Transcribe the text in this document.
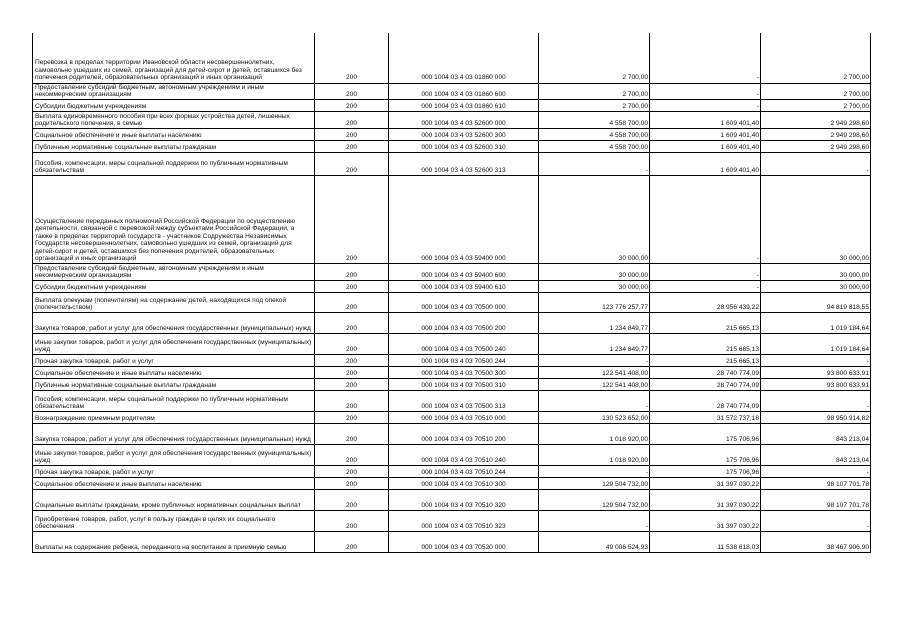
Перевозка в пределах территории Ивановской области несовершеннолетних, самовольно ушедших из семей, организаций для детей-сирот и детей, оставшихся без попечения родителей, образовательных организаций и иных организаций	200	000 1004 03 4 03 01860 000	2 700,00	-	2 700,00
Предоставление субсидий бюджетным, автономным учреждениям и иным некоммерческим организациям	200	000 1004 03 4 03 01860 600	2 700,00	-	2 700,00
Субсидии бюджетным учреждениям	200	000 1004 03 4 03 01860 610	2 700,00	-	2 700,00
Выплата единовременного пособия при всех формах устройства детей, лишенных родительского попечения, в семью	200	000 1004 03 4 03 52600 000	4 558 700,00	1 609 401,40	2 949 298,60
Социальное обеспечение и иные выплаты населению	200	000 1004 03 4 03 52600 300	4 558 700,00	1 609 401,40	2 949 298,60
Публичные нормативные социальные выплаты гражданам	200	000 1004 03 4 03 52600 310	4 558 700,00	1 609 401,40	2 949 298,60
Пособия, компенсации, меры социальной поддержки по публичным нормативным обязательствам	200	000 1004 03 4 03 52600 313	-	1 609 401,40	-
Осуществление переданных полномочий Российской Федерации по осуществлению деятельности, связанной с перевозкой между субъектами Российской Федерации, а также в пределах территорий государств - участников Содружества Независимых Государств несовершеннолетних, самовольно ушедших из семей, организаций для детей-сирот и детей, оставшихся без попечения родителей, образовательных организаций и иных организаций	200	000 1004 03 4 03 59400 000	30 000,00	-	30 000,00
Предоставление субсидий бюджетным, автономным учреждениям и иным некоммерческим организациям	200	000 1004 03 4 03 59400 600	30 000,00	-	30 000,00
Субсидии бюджетным учреждениям	200	000 1004 03 4 03 59400 610	30 000,00	-	30 000,00
Выплата опекунам (попечителям) на содержание детей, находящихся под опекой (попечительством)	200	000 1004 03 4 03 70500 000	123 776 257,77	28 956 439,22	94 819 818,55
Закупка товаров, работ и услуг для обеспечения государственных (муниципальных) нужд	200	000 1004 03 4 03 70500 200	1 234 849,77	215 665,13	1 019 184,64
Иные закупки товаров, работ и услуг для обеспечения государственных (муниципальных) нужд	200	000 1004 03 4 03 70500 240	1 234 849,77	215 665,13	1 019 184,64
Прочая закупка товаров, работ и услуг	200	000 1004 03 4 03 70500 244	-	215 665,13	-
Социальное обеспечение и иные выплаты населению	200	000 1004 03 4 03 70500 300	122 541 408,00	28 740 774,09	93 800 633,91
Публичные нормативные социальные выплаты гражданам	200	000 1004 03 4 03 70500 310	122 541 408,00	28 740 774,09	93 800 633,91
Пособия, компенсации, меры социальной поддержки по публичным нормативным обязательствам	200	000 1004 03 4 03 70500 313	-	28 740 774,09	-
Вознаграждение приемным родителям	200	000 1004 03 4 03 70510 000	130 523 652,00	31 572 737,18	98 950 914,82
Закупка товаров, работ и услуг для обеспечения государственных (муниципальных) нужд	200	000 1004 03 4 03 70510 200	1 018 920,00	175 706,96	843 213,04
Иные закупки товаров, работ и услуг для обеспечения государственных (муниципальных) нужд	200	000 1004 03 4 03 70510 240	1 018 920,00	175 706,96	843 213,04
Прочая закупка товаров, работ и услуг	200	000 1004 03 4 03 70510 244	-	175 706,96	-
Социальное обеспечение и иные выплаты населению	200	000 1004 03 4 03 70510 300	129 504 732,00	31 397 030,22	98 107 701,78
Социальные выплаты гражданам, кроме публичных нормативных социальных выплат	200	000 1004 03 4 03 70510 320	129 504 732,00	31 397 030,22	98 107 701,78
Приобретение товаров, работ, услуг в пользу граждан в целях их социального обеспечения	200	000 1004 03 4 03 70510 323	-	31 397 030,22	-
Выплаты на содержание ребенка, переданного на воспитание в приемную семью	200	000 1004 03 4 03 70520 000	49 006 524,93	11 538 618,03	38 467 906,90
